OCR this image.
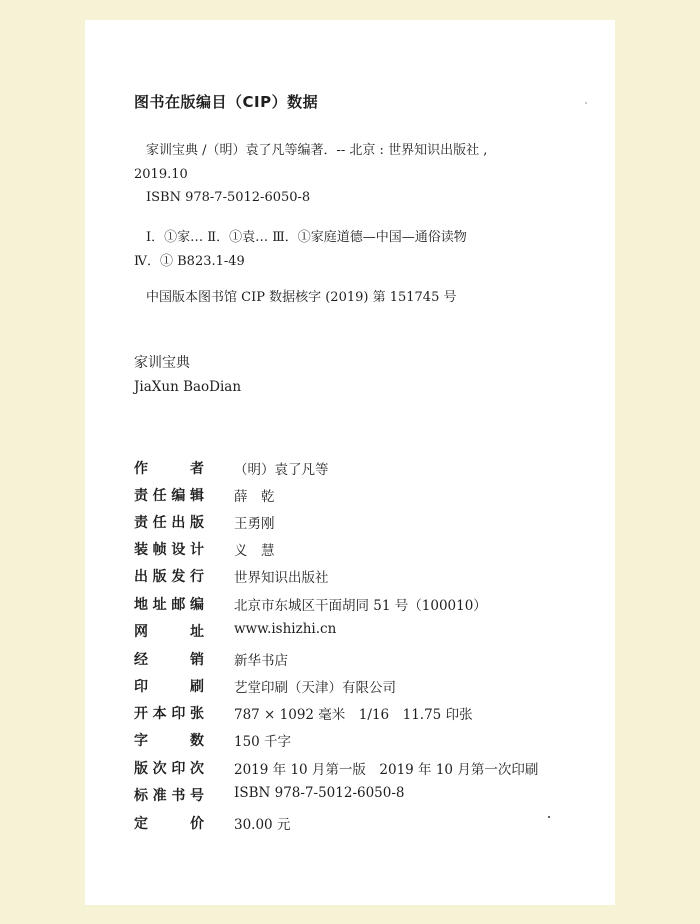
图书在版编目（CIP）数据
家训宝典 /（明）袁了凡等编著．-- 北京 : 世界知识出版社 ,
2019.10
ISBN 978-7-5012-6050-8
Ⅰ．①家… Ⅱ．①袁… Ⅲ．①家庭道德—中国—通俗读物
Ⅳ．① B823.1-49
中国版本图书馆 CIP 数据核字 (2019) 第 151745 号
家训宝典
JiaXun BaoDian
作者 （明）袁了凡等
责任编辑 薛　乾
责任出版 王勇刚
装帧设计 义　慧
出版发行 世界知识出版社
地址邮编 北京市东城区干面胡同 51 号（100010）
网址 www.ishizhi.cn
经销 新华书店
印刷 艺堂印刷（天津）有限公司
开本印张 787 × 1092 毫米　1/16　11.75 印张
字数 150 千字
版次印次 2019 年 10 月第一版　2019 年 10 月第一次印刷
标准书号 ISBN 978-7-5012-6050-8
定价 30.00 元
